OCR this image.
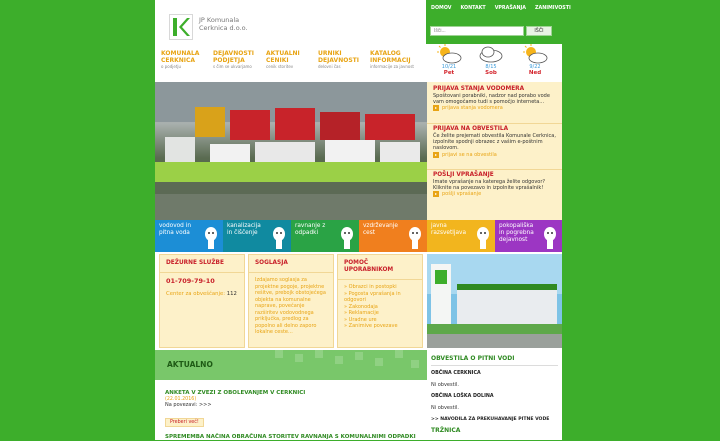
JP Komunala
Cerknica d.o.o.
DOMOV KONTAKT VPRAŠANJA ZANIMIVOSTI
Išči...
IŠČI
10/21
Pet
8/15
Sob
9/22
Ned
KOMUNALA
CERKNICA
o podjetju
DEJAVNOSTI
PODJETJA
s čim se ukvarjamo
AKTUALNI
CENIKI
cenik storitev
URNIKI
DEJAVNOSTI
delovni čas
KATALOG
INFORMACIJ
informacije za javnost
PRIJAVA STANJA VODOMERA
Spoštovani porabniki, nadzor nad porabo vode vam omogočamo tudi s pomočjo interneta...
▸ prijava stanja vodomera
PRIJAVA NA OBVESTILA
Če želite prejemati obvestila Komunale Cerknica, izpolnite spodnji obrazec z vašim e-poštnim naslovom.
▸ prijavi se na obvestila
POŠLJI VPRAŠANJE
Imate vprašanje na katerega želite odgovor? Kliknite na povezavo in izpolnite vprašalnik!
▸ pošlji vprašanje
vodovod in pitna voda
kanalizacija in čiščenje
ravnanje z odpadki
vzdrževanje cest
javna razsvetljava
pokopališka in pogrebna dejavnost
DEŽURNE SLUŽBE
01-709-79-10
Center za obveščanje: 112
SOGLASJA
Izdajamo soglasja za projektne pogoje, projektne rešitve, prebojk obstoječega objekta na komunalne naprave, povečanje razširitev vodovodnega priključka, predlog za popolno ali delno zaporo lokalne ceste...
POMOČ UPORABNIKOM
» Obrazci in postopki
» Pogosta vprašanja in odgovori
» Zakonodaja
» Reklamacije
» Uradne ure
» Zanimive povezave
AKTUALNO
ANKETA V ZVEZI Z OBOLEVANJEM V CERKNICI
(22.01.2016)
Na povezavi: >>>
Preberi več!
SPREMEMBA NAČINA OBRAČUNA STORITEV RAVNANJA S KOMUNALNIMI ODPADKI
OBVESTILA O PITNI VODI
OBČINA CERKNICA
Ni obvestil.
OBČINA LOŠKA DOLINA
Ni obvestil.
>> NAVODILA ZA PREKUHAVANJE PITNE VODE
TRŽNICA
